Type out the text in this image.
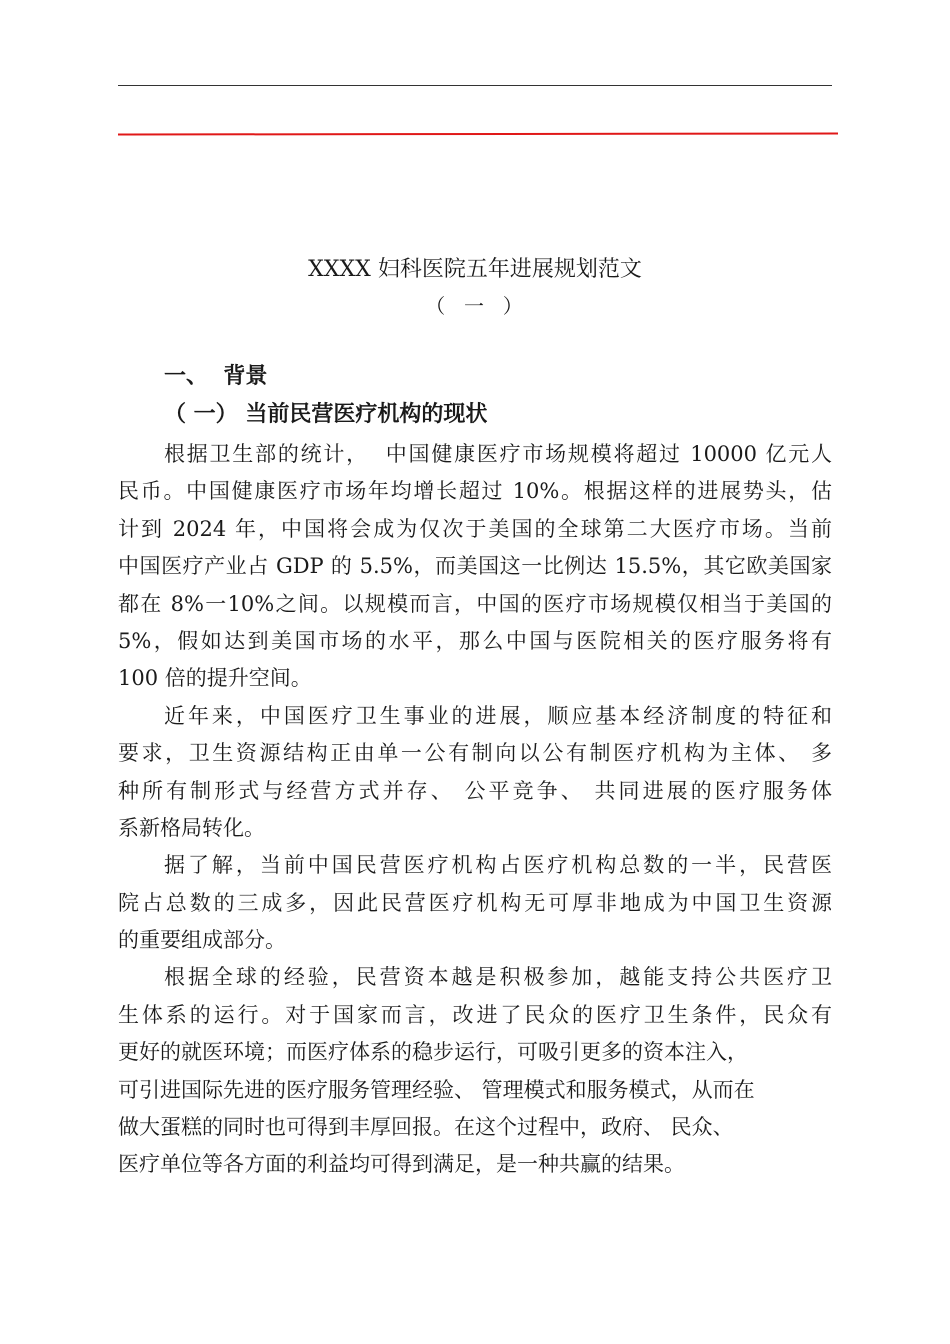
XXXX 妇科医院五年进展规划范文
（  一  ）
一、  背景
（ 一） 当前民营医疗机构的现状
根据卫生部的统计，  中国健康医疗市场规模将超过 10000 亿元人
民币。中国健康医疗市场年均增长超过 10%。根据这样的进展势头，估
计到 2024 年，中国将会成为仅次于美国的全球第二大医疗市场。当前
中国医疗产业占 GDP 的 5.5%，而美国这一比例达 15.5%，其它欧美国家
都在 8%一10%之间。以规模而言，中国的医疗市场规模仅相当于美国的
5%，假如达到美国市场的水平，那么中国与医院相关的医疗服务将有
100 倍的提升空间。
近年来，中国医疗卫生事业的进展，顺应基本经济制度的特征和
要求，卫生资源结构正由单一公有制向以公有制医疗机构为主体、 多
种所有制形式与经营方式并存、 公平竞争、 共同进展的医疗服务体
系新格局转化。
据了解，当前中国民营医疗机构占医疗机构总数的一半，民营医
院占总数的三成多，因此民营医疗机构无可厚非地成为中国卫生资源
的重要组成部分。
根据全球的经验，民营资本越是积极参加，越能支持公共医疗卫
生体系的运行。对于国家而言，改进了民众的医疗卫生条件，民众有
更好的就医环境；而医疗体系的稳步运行，可吸引更多的资本注入，
可引进国际先进的医疗服务管理经验、 管理模式和服务模式，从而在
做大蛋糕的同时也可得到丰厚回报。在这个过程中，政府、 民众、
医疗单位等各方面的利益均可得到满足，是一种共赢的结果。
